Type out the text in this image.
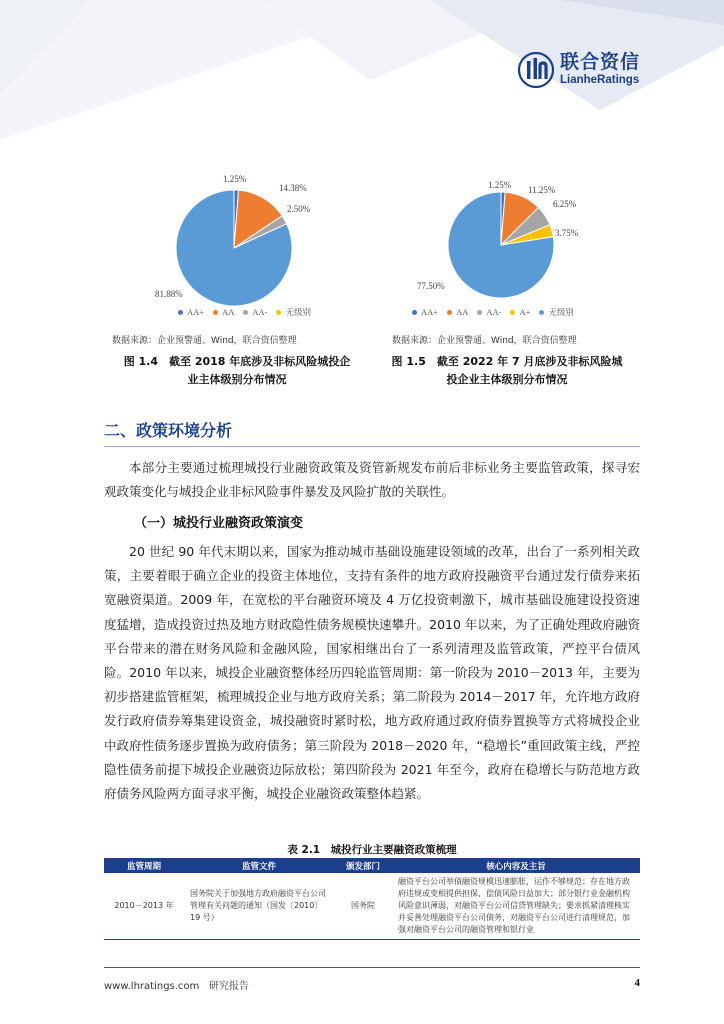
联合资信
LianheRatings
1.25%
14.38%
2.50%
81.88%
AA+ AA AA- 无级别
数据来源：企业预警通、Wind，联合资信整理
图 1.4　截至 2018 年底涉及非标风险城投企
业主体级别分布情况
1.25% 11.25%
6.25%
3.75%
77.50%
AA+ AA AA- A+ 无级别
数据来源：企业预警通、Wind，联合资信整理
图 1.5　截至 2022 年 7 月底涉及非标风险城
投企业主体级别分布情况
二、政策环境分析
本部分主要通过梳理城投行业融资政策及资管新规发布前后非标业务主要监管政策，探寻宏观政策变化与城投企业非标风险事件暴发及风险扩散的关联性。
（一）城投行业融资政策演变
20 世纪 90 年代末期以来，国家为推动城市基础设施建设领域的改革，出台了一系列相关政策，主要着眼于确立企业的投资主体地位，支持有条件的地方政府投融资平台通过发行债券来拓宽融资渠道。2009 年，在宽松的平台融资环境及 4 万亿投资刺激下，城市基础设施建设投资速度猛增，造成投资过热及地方财政隐性债务规模快速攀升。2010 年以来，为了正确处理政府融资平台带来的潜在财务风险和金融风险，国家相继出台了一系列清理及监管政策，严控平台债风险。2010 年以来，城投企业融资整体经历四轮监管周期：第一阶段为 2010－2013 年，主要为初步搭建监管框架，梳理城投企业与地方政府关系；第二阶段为 2014－2017 年，允许地方政府发行政府债券筹集建设资金，城投融资时紧时松，地方政府通过政府债券置换等方式将城投企业中政府性债务逐步置换为政府债务；第三阶段为 2018－2020 年，“稳增长”重回政策主线，严控隐性债务前提下城投企业融资边际放松；第四阶段为 2021 年至今，政府在稳增长与防范地方政府债务风险两方面寻求平衡，城投企业融资政策整体趋紧。
表 2.1　城投行业主要融资政策梳理
监管周期	监管文件	颁发部门	核心内容及主旨
2010－2013 年	国务院关于加强地方政府融资平台公司管理有关问题的通知（国发〔2010〕19 号）	国务院	融资平台公司举债融资规模迅速膨胀，运作不够规范；存在地方政府违规或变相提供担保，偿债风险日益加大；部分银行业金融机构风险意识薄弱，对融资平台公司信贷管理缺失；要求抓紧清理核实并妥善处理融资平台公司债务，对融资平台公司进行清理规范，加强对融资平台公司的融资管理和银行业
www.lhratings.com 研究报告	4
